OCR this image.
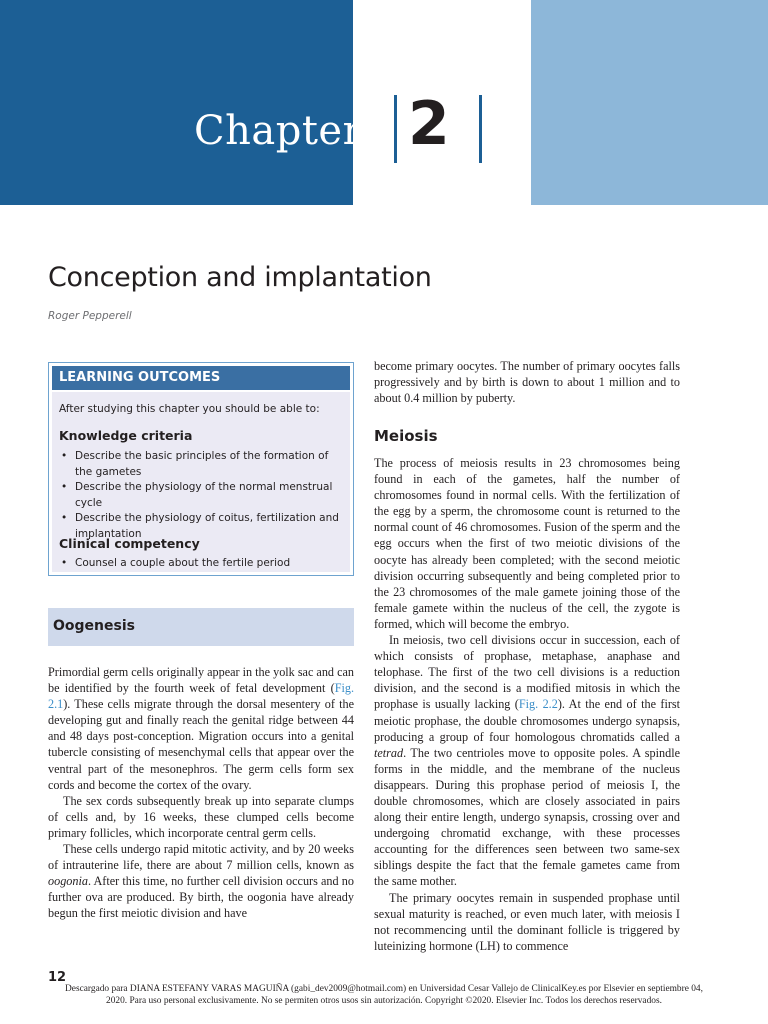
Chapter 2
Conception and implantation
Roger Pepperell
LEARNING OUTCOMES
After studying this chapter you should be able to:
Knowledge criteria
• Describe the basic principles of the formation of the gametes
• Describe the physiology of the normal menstrual cycle
• Describe the physiology of coitus, fertilization and implantation
Clinical competency
• Counsel a couple about the fertile period
Oogenesis

Primordial germ cells originally appear in the yolk sac and can be identified by the fourth week of fetal development (Fig. 2.1). These cells migrate through the dorsal mesentery of the developing gut and finally reach the genital ridge between 44 and 48 days post-conception. Migration occurs into a genital tubercle consisting of mesenchymal cells that appear over the ventral part of the mesonephros. The germ cells form sex cords and become the cortex of the ovary.

The sex cords subsequently break up into separate clumps of cells and, by 16 weeks, these clumped cells become primary follicles, which incorporate central germ cells.

These cells undergo rapid mitotic activity, and by 20 weeks of intrauterine life, there are about 7 million cells, known as oogonia. After this time, no further cell division occurs and no further ova are produced. By birth, the oogonia have already begun the first meiotic division and have

become primary oocytes. The number of primary oocytes falls progressively and by birth is down to about 1 million and to about 0.4 million by puberty.

Meiosis

The process of meiosis results in 23 chromosomes being found in each of the gametes, half the number of chromosomes found in normal cells. With the fertilization of the egg by a sperm, the chromosome count is returned to the normal count of 46 chromosomes. Fusion of the sperm and the egg occurs when the first of two meiotic divisions of the oocyte has already been completed; with the second meiotic division occurring subsequently and being completed prior to the 23 chromosomes of the male gamete joining those of the female gamete within the nucleus of the cell, the zygote is formed, which will become the embryo.

In meiosis, two cell divisions occur in succession, each of which consists of prophase, metaphase, anaphase and telophase. The first of the two cell divisions is a reduction division, and the second is a modified mitosis in which the prophase is usually lacking (Fig. 2.2). At the end of the first meiotic prophase, the double chromosomes undergo synapsis, producing a group of four homologous chromatids called a tetrad. The two centrioles move to opposite poles. A spindle forms in the middle, and the membrane of the nucleus disappears. During this prophase period of meiosis I, the double chromosomes, which are closely associated in pairs along their entire length, undergo synapsis, crossing over and undergoing chromatid exchange, with these processes accounting for the differences seen between two same-sex siblings despite the fact that the female gametes came from the same mother.

The primary oocytes remain in suspended prophase until sexual maturity is reached, or even much later, with meiosis I not recommencing until the dominant follicle is triggered by luteinizing hormone (LH) to commence

12
Descargado para DIANA ESTEFANY VARAS MAGUIÑA (gabi_dev2009@hotmail.com) en Universidad Cesar Vallejo de ClinicalKey.es por Elsevier en septiembre 04,
2020. Para uso personal exclusivamente. No se permiten otros usos sin autorización. Copyright ©2020. Elsevier Inc. Todos los derechos reservados.
